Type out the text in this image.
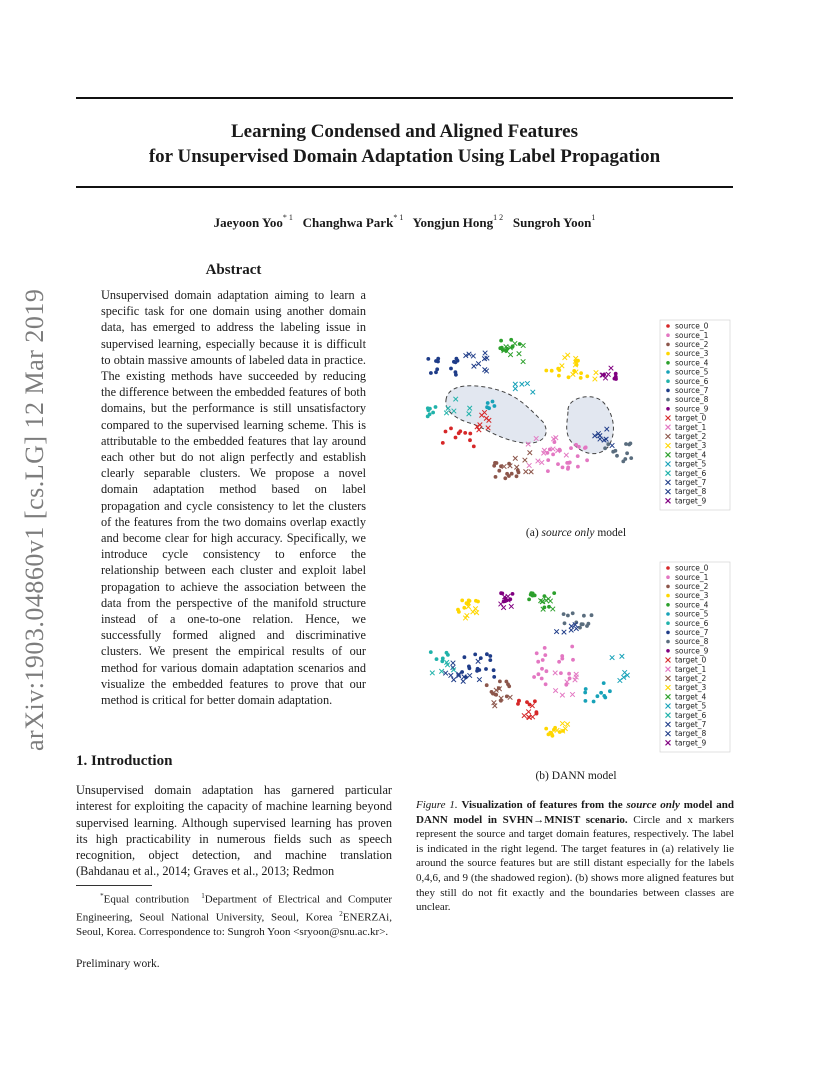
arXiv:1903.04860v1 [cs.LG] 12 Mar 2019
Learning Condensed and Aligned Features
for Unsupervised Domain Adaptation Using Label Propagation
Jaeyoon Yoo$^{* 1}$ Changhwa Park$^{* 1}$ Yongjun Hong$^{1 2}$ Sungroh Yoon$^1$
Abstract
Unsupervised domain adaptation aiming to learn a specific task for one domain using another domain data, has emerged to address the labeling issue in supervised learning, especially because it is difficult to obtain massive amounts of labeled data in practice. The existing methods have succeeded by reducing the difference between the embedded features of both domains, but the performance is still unsatisfactory compared to the supervised learning scheme. This is attributable to the embedded features that lay around each other but do not align perfectly and establish clearly separable clusters. We propose a novel domain adaptation method based on label propagation and cycle consistency to let the clusters of the features from the two domains overlap exactly and become clear for high accuracy. Specifically, we introduce cycle consistency to enforce the relationship between each cluster and exploit label propagation to achieve the association between the data from the perspective of the manifold structure instead of a one-to-one relation. Hence, we successfully formed aligned and discriminative clusters. We present the empirical results of our method for various domain adaptation scenarios and visualize the embedded features to prove that our method is critical for better domain adaptation.
1. Introduction
Unsupervised domain adaptation has garnered particular interest for exploiting the capacity of machine learning beyond supervised learning. Although supervised learning has proven its high practicability in numerous fields such as speech recognition, object detection, and machine translation (Bahdanau et al., 2014; Graves et al., 2013; Redmon
*Equal contribution $^1$Department of Electrical and Computer Engineering, Seoul National University, Seoul, Korea $^2$ENERZAi, Seoul, Korea. Correspondence to: Sungroh Yoon <sryoon@snu.ac.kr>.
Preliminary work.
source_0
source_1
source_2
source_3
source_4
source_5
source_6
source_7
source_8
source_9
target_0
target_1
target_2
target_3
target_4
target_5
target_6
target_7
target_8
target_9
(a) source only model
source_0
source_1
source_2
source_3
source_4
source_5
source_6
source_7
source_8
source_9
target_0
target_1
target_2
target_3
target_4
target_5
target_6
target_7
target_8
target_9
(b) DANN model
Figure 1. Visualization of features from the source only model and DANN model in SVHN→MNIST scenario. Circle and x markers represent the source and target domain features, respectively. The label is indicated in the right legend. The target features in (a) relatively lie around the source features but are still distant especially for the labels 0,4,6, and 9 (the shadowed region). (b) shows more aligned features but they still do not fit exactly and the boundaries between classes are unclear.
